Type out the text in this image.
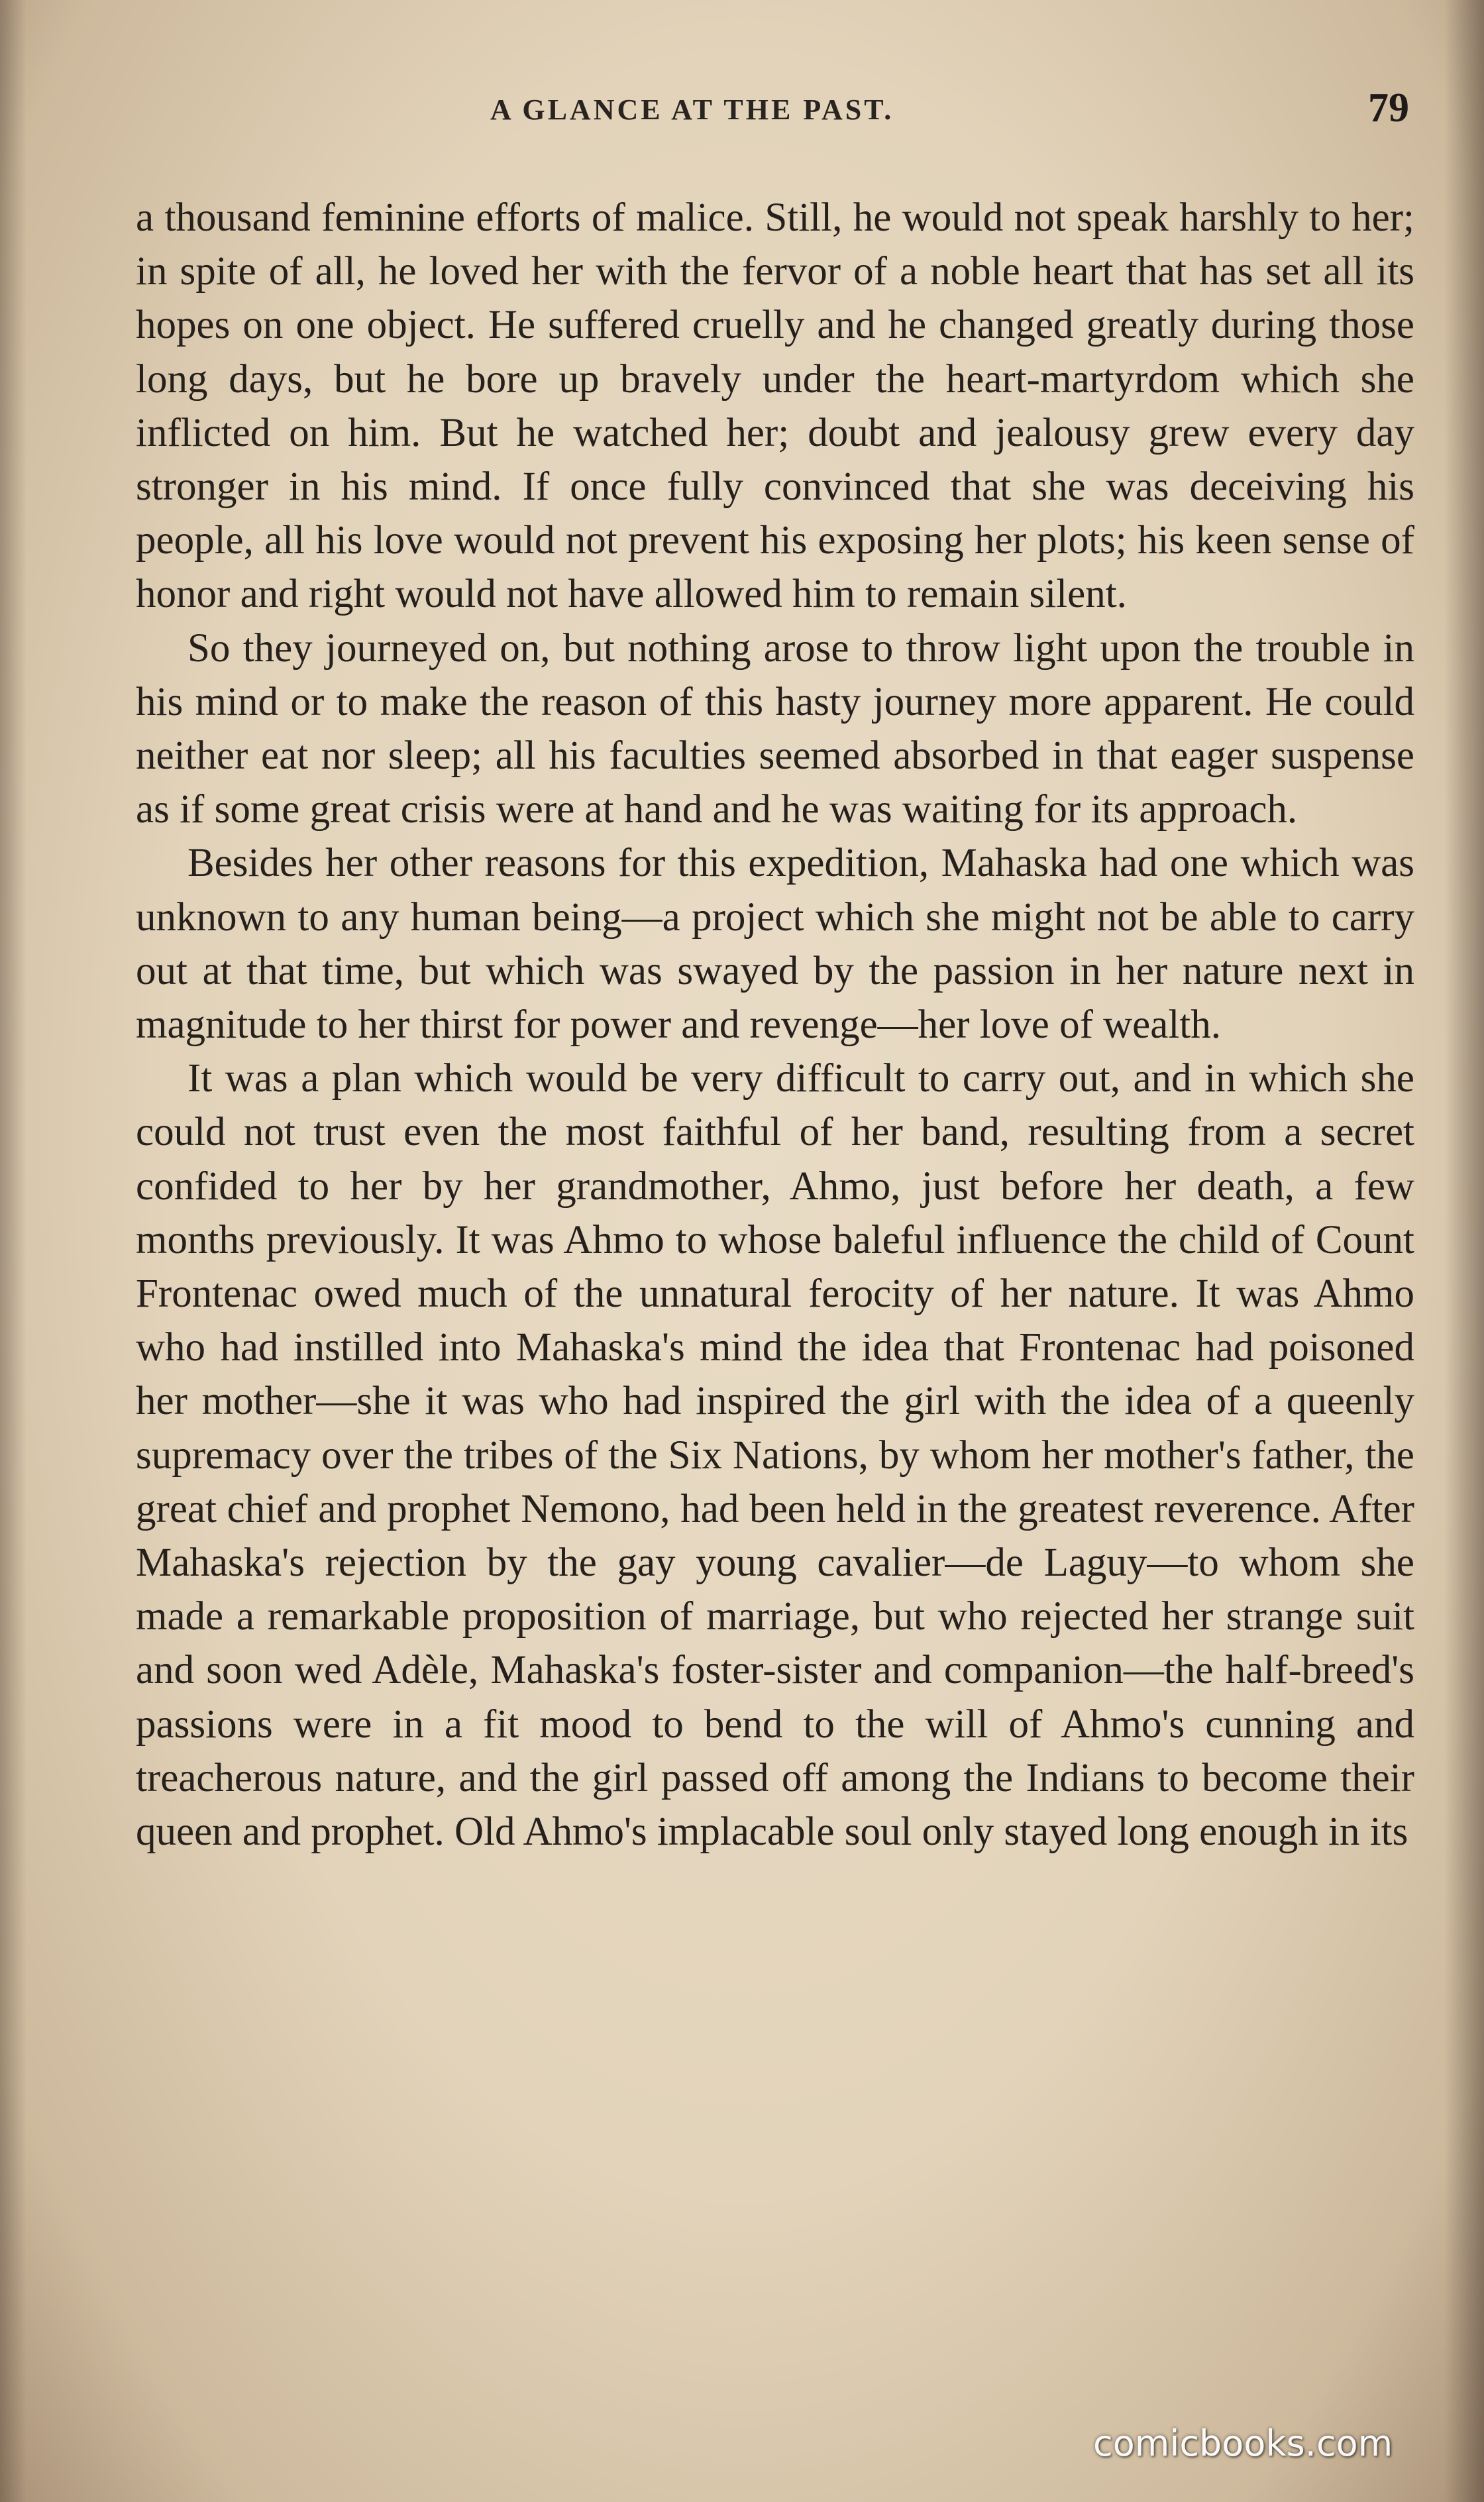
A GLANCE AT THE PAST.	79

a thousand feminine efforts of malice. Still, he would not speak harshly to her; in spite of all, he loved her with the fervor of a noble heart that has set all its hopes on one object. He suffered cruelly and he changed greatly during those long days, but he bore up bravely under the heart-martyrdom which she inflicted on him. But he watched her; doubt and jealousy grew every day stronger in his mind. If once fully convinced that she was deceiving his people, all his love would not prevent his exposing her plots; his keen sense of honor and right would not have allowed him to remain silent.

So they journeyed on, but nothing arose to throw light upon the trouble in his mind or to make the reason of this hasty journey more apparent. He could neither eat nor sleep; all his faculties seemed absorbed in that eager suspense as if some great crisis were at hand and he was waiting for its approach.

Besides her other reasons for this expedition, Mahaska had one which was unknown to any human being—a project which she might not be able to carry out at that time, but which was swayed by the passion in her nature next in magnitude to her thirst for power and revenge—her love of wealth.

It was a plan which would be very difficult to carry out, and in which she could not trust even the most faithful of her band, resulting from a secret confided to her by her grandmother, Ahmo, just before her death, a few months previously. It was Ahmo to whose baleful influence the child of Count Frontenac owed much of the unnatural ferocity of her nature. It was Ahmo who had instilled into Mahaska's mind the idea that Frontenac had poisoned her mother—she it was who had inspired the girl with the idea of a queenly supremacy over the tribes of the Six Nations, by whom her mother's father, the great chief and prophet Nemono, had been held in the greatest reverence. After Mahaska's rejection by the gay young cavalier—de Laguy—to whom she made a remarkable proposition of marriage, but who rejected her strange suit and soon wed Adèle, Mahaska's foster-sister and companion—the half-breed's passions were in a fit mood to bend to the will of Ahmo's cunning and treacherous nature, and the girl passed off among the Indians to become their queen and prophet. Old Ahmo's implacable soul only stayed long enough in its

comicbooks.com
